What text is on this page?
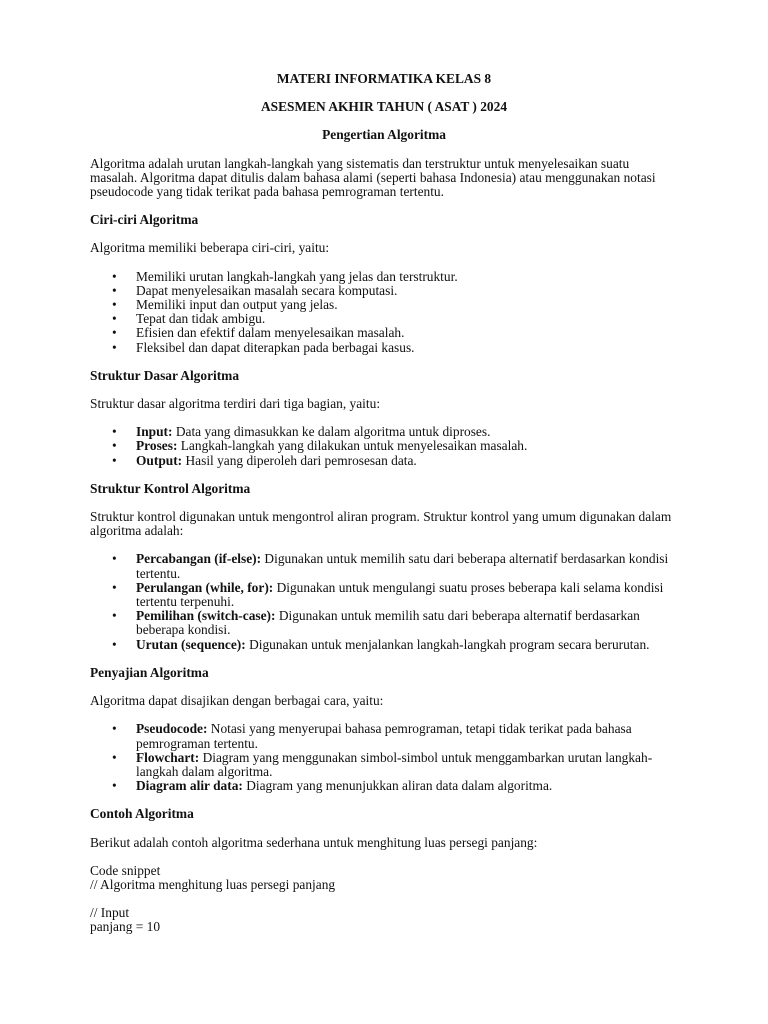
MATERI INFORMATIKA KELAS 8

ASESMEN AKHIR TAHUN ( ASAT ) 2024

Pengertian Algoritma

Algoritma adalah urutan langkah-langkah yang sistematis dan terstruktur untuk menyelesaikan suatu masalah. Algoritma dapat ditulis dalam bahasa alami (seperti bahasa Indonesia) atau menggunakan notasi pseudocode yang tidak terikat pada bahasa pemrograman tertentu.

Ciri-ciri Algoritma

Algoritma memiliki beberapa ciri-ciri, yaitu:

• Memiliki urutan langkah-langkah yang jelas dan terstruktur.
• Dapat menyelesaikan masalah secara komputasi.
• Memiliki input dan output yang jelas.
• Tepat dan tidak ambigu.
• Efisien dan efektif dalam menyelesaikan masalah.
• Fleksibel dan dapat diterapkan pada berbagai kasus.
Struktur Dasar Algoritma

Struktur dasar algoritma terdiri dari tiga bagian, yaitu:

• Input: Data yang dimasukkan ke dalam algoritma untuk diproses.
• Proses: Langkah-langkah yang dilakukan untuk menyelesaikan masalah.
• Output: Hasil yang diperoleh dari pemrosesan data.
Struktur Kontrol Algoritma

Struktur kontrol digunakan untuk mengontrol aliran program. Struktur kontrol yang umum digunakan dalam algoritma adalah:

• Percabangan (if-else): Digunakan untuk memilih satu dari beberapa alternatif berdasarkan kondisi tertentu.
• Perulangan (while, for): Digunakan untuk mengulangi suatu proses beberapa kali selama kondisi tertentu terpenuhi.
• Pemilihan (switch-case): Digunakan untuk memilih satu dari beberapa alternatif berdasarkan beberapa kondisi.
• Urutan (sequence): Digunakan untuk menjalankan langkah-langkah program secara berurutan.
Penyajian Algoritma

Algoritma dapat disajikan dengan berbagai cara, yaitu:

• Pseudocode: Notasi yang menyerupai bahasa pemrograman, tetapi tidak terikat pada bahasa pemrograman tertentu.
• Flowchart: Diagram yang menggunakan simbol-simbol untuk menggambarkan urutan langkah-langkah dalam algoritma.
• Diagram alir data: Diagram yang menunjukkan aliran data dalam algoritma.
Contoh Algoritma

Berikut adalah contoh algoritma sederhana untuk menghitung luas persegi panjang:

Code snippet

// Algoritma menghitung luas persegi panjang

// Input

panjang = 10
